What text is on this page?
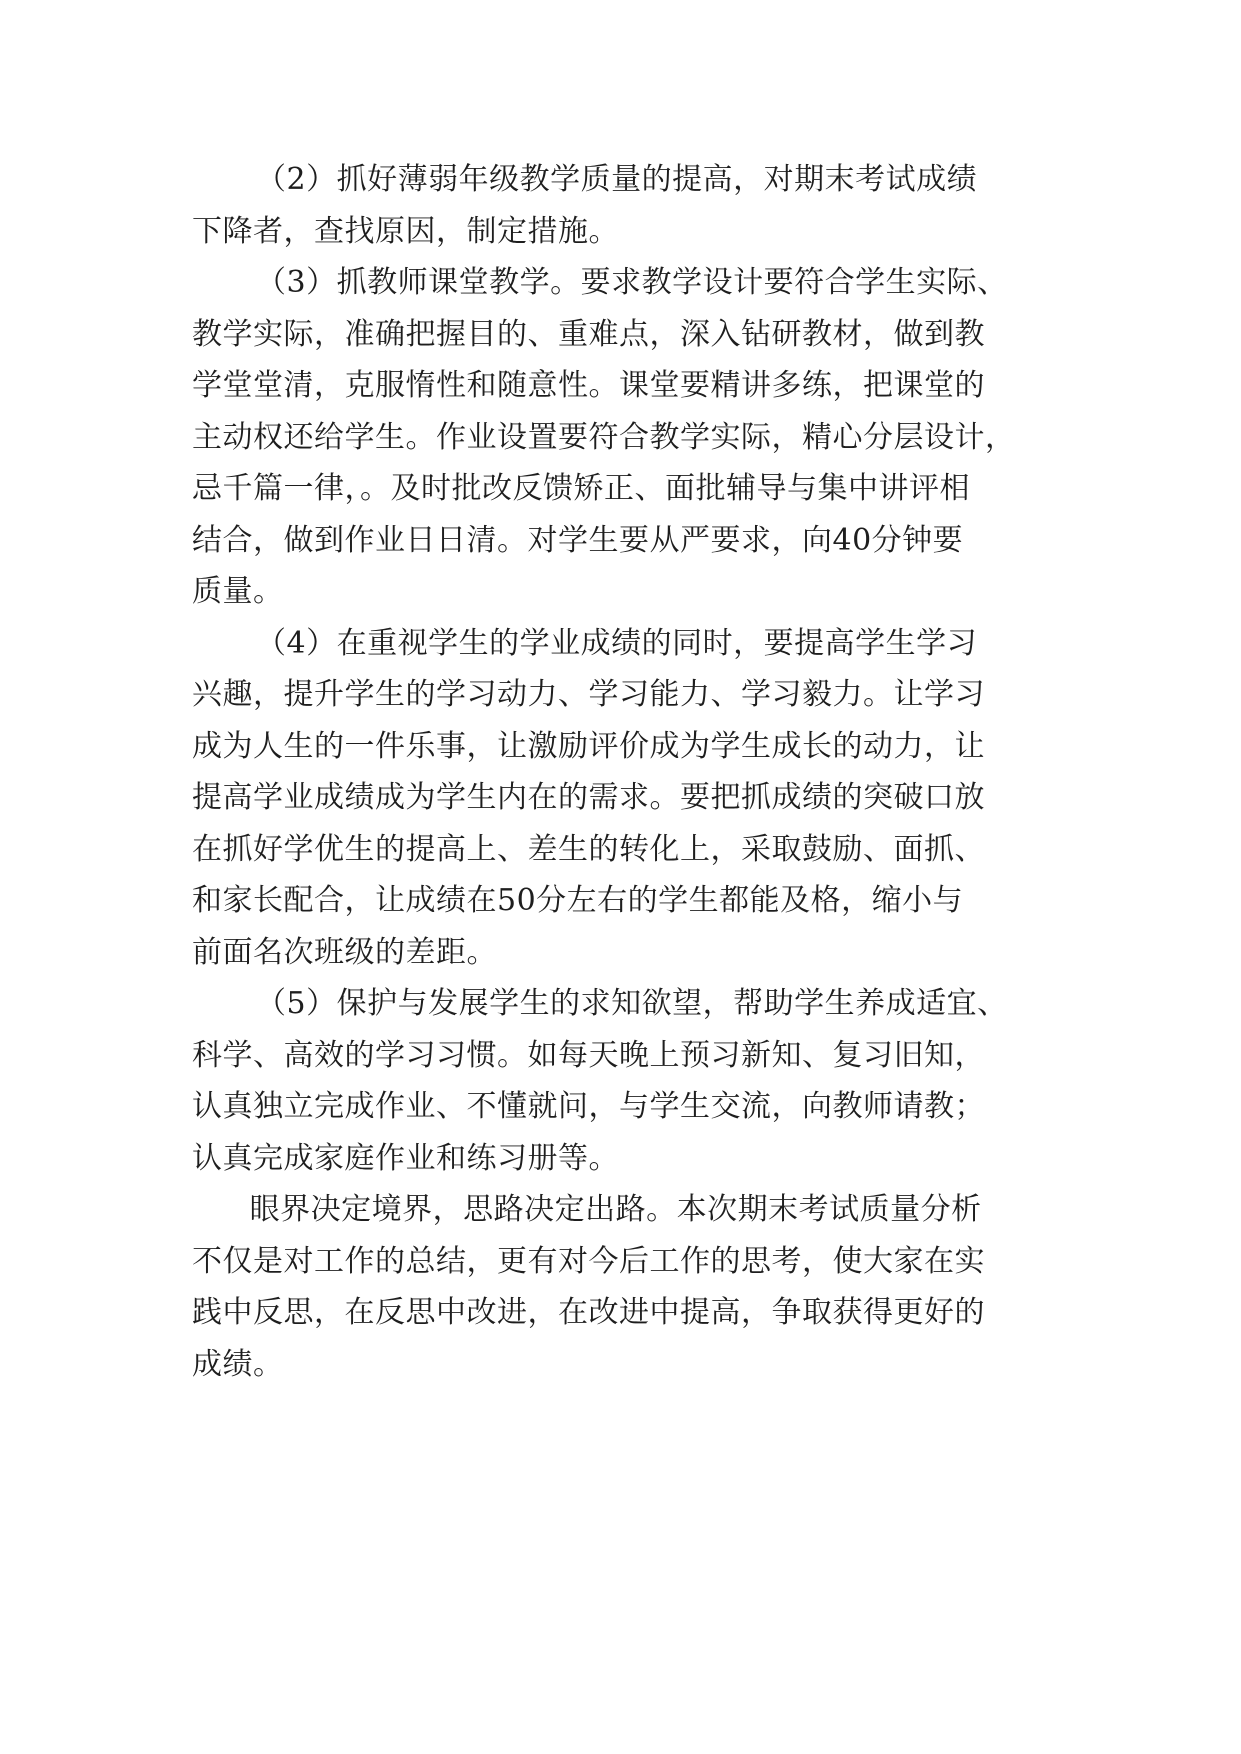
（2）抓好薄弱年级教学质量的提高，对期末考试成绩
下降者，查找原因，制定措施。
（3）抓教师课堂教学。要求教学设计要符合学生实际、
教学实际，准确把握目的、重难点，深入钻研教材，做到教
学堂堂清，克服惰性和随意性。课堂要精讲多练，把课堂的
主动权还给学生。作业设置要符合教学实际，精心分层设计，
忌千篇一律，。及时批改反馈矫正、面批辅导与集中讲评相
结合，做到作业日日清。对学生要从严要求，向40分钟要
质量。
（4）在重视学生的学业成绩的同时，要提高学生学习
兴趣，提升学生的学习动力、学习能力、学习毅力。让学习
成为人生的一件乐事，让激励评价成为学生成长的动力，让
提高学业成绩成为学生内在的需求。要把抓成绩的突破口放
在抓好学优生的提高上、差生的转化上，采取鼓励、面抓、
和家长配合，让成绩在50分左右的学生都能及格，缩小与
前面名次班级的差距。
（5）保护与发展学生的求知欲望，帮助学生养成适宜、
科学、高效的学习习惯。如每天晚上预习新知、复习旧知，
认真独立完成作业、不懂就问，与学生交流，向教师请教；
认真完成家庭作业和练习册等。
眼界决定境界，思路决定出路。本次期末考试质量分析
不仅是对工作的总结，更有对今后工作的思考，使大家在实
践中反思，在反思中改进，在改进中提高，争取获得更好的
成绩。
